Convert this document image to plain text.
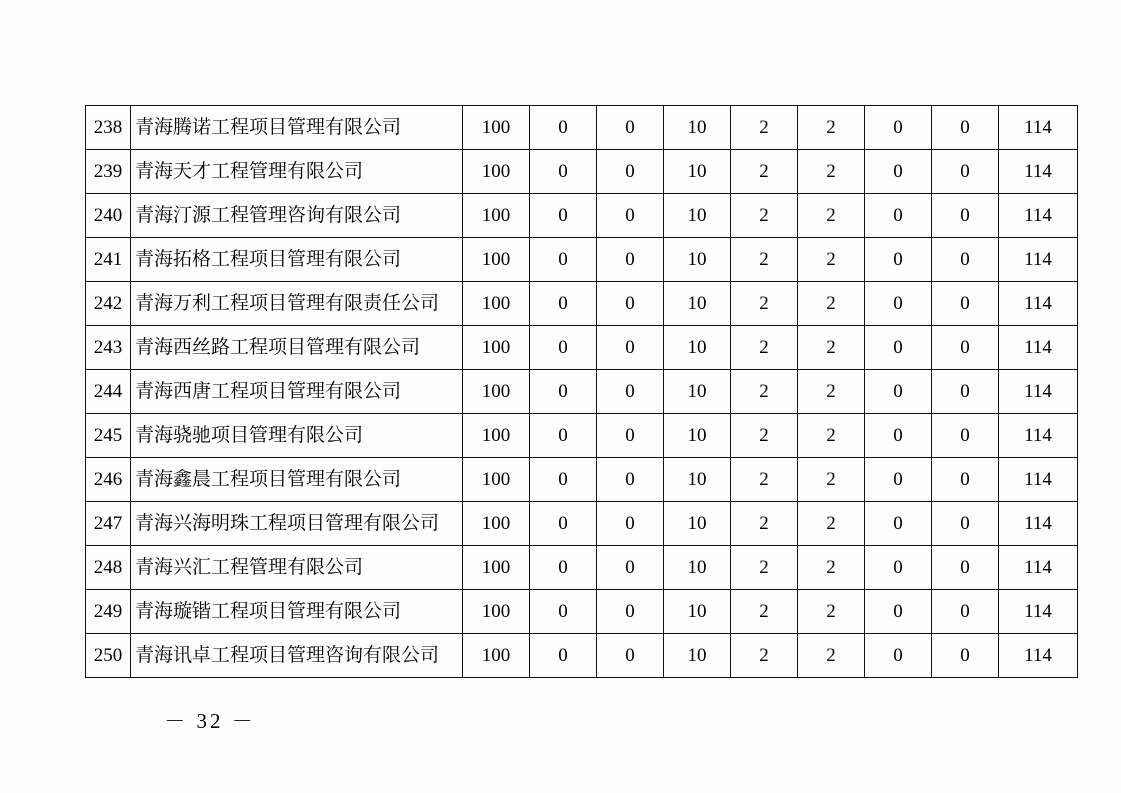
238	青海腾诺工程项目管理有限公司	100	0	0	10	2	2	0	0	114
239	青海天才工程管理有限公司	100	0	0	10	2	2	0	0	114
240	青海汀源工程管理咨询有限公司	100	0	0	10	2	2	0	0	114
241	青海拓格工程项目管理有限公司	100	0	0	10	2	2	0	0	114
242	青海万利工程项目管理有限责任公司	100	0	0	10	2	2	0	0	114
243	青海西丝路工程项目管理有限公司	100	0	0	10	2	2	0	0	114
244	青海西唐工程项目管理有限公司	100	0	0	10	2	2	0	0	114
245	青海骁驰项目管理有限公司	100	0	0	10	2	2	0	0	114
246	青海鑫晨工程项目管理有限公司	100	0	0	10	2	2	0	0	114
247	青海兴海明珠工程项目管理有限公司	100	0	0	10	2	2	0	0	114
248	青海兴汇工程管理有限公司	100	0	0	10	2	2	0	0	114
249	青海璇锴工程项目管理有限公司	100	0	0	10	2	2	0	0	114
250	青海讯卓工程项目管理咨询有限公司	100	0	0	10	2	2	0	0	114
－ 32 －
